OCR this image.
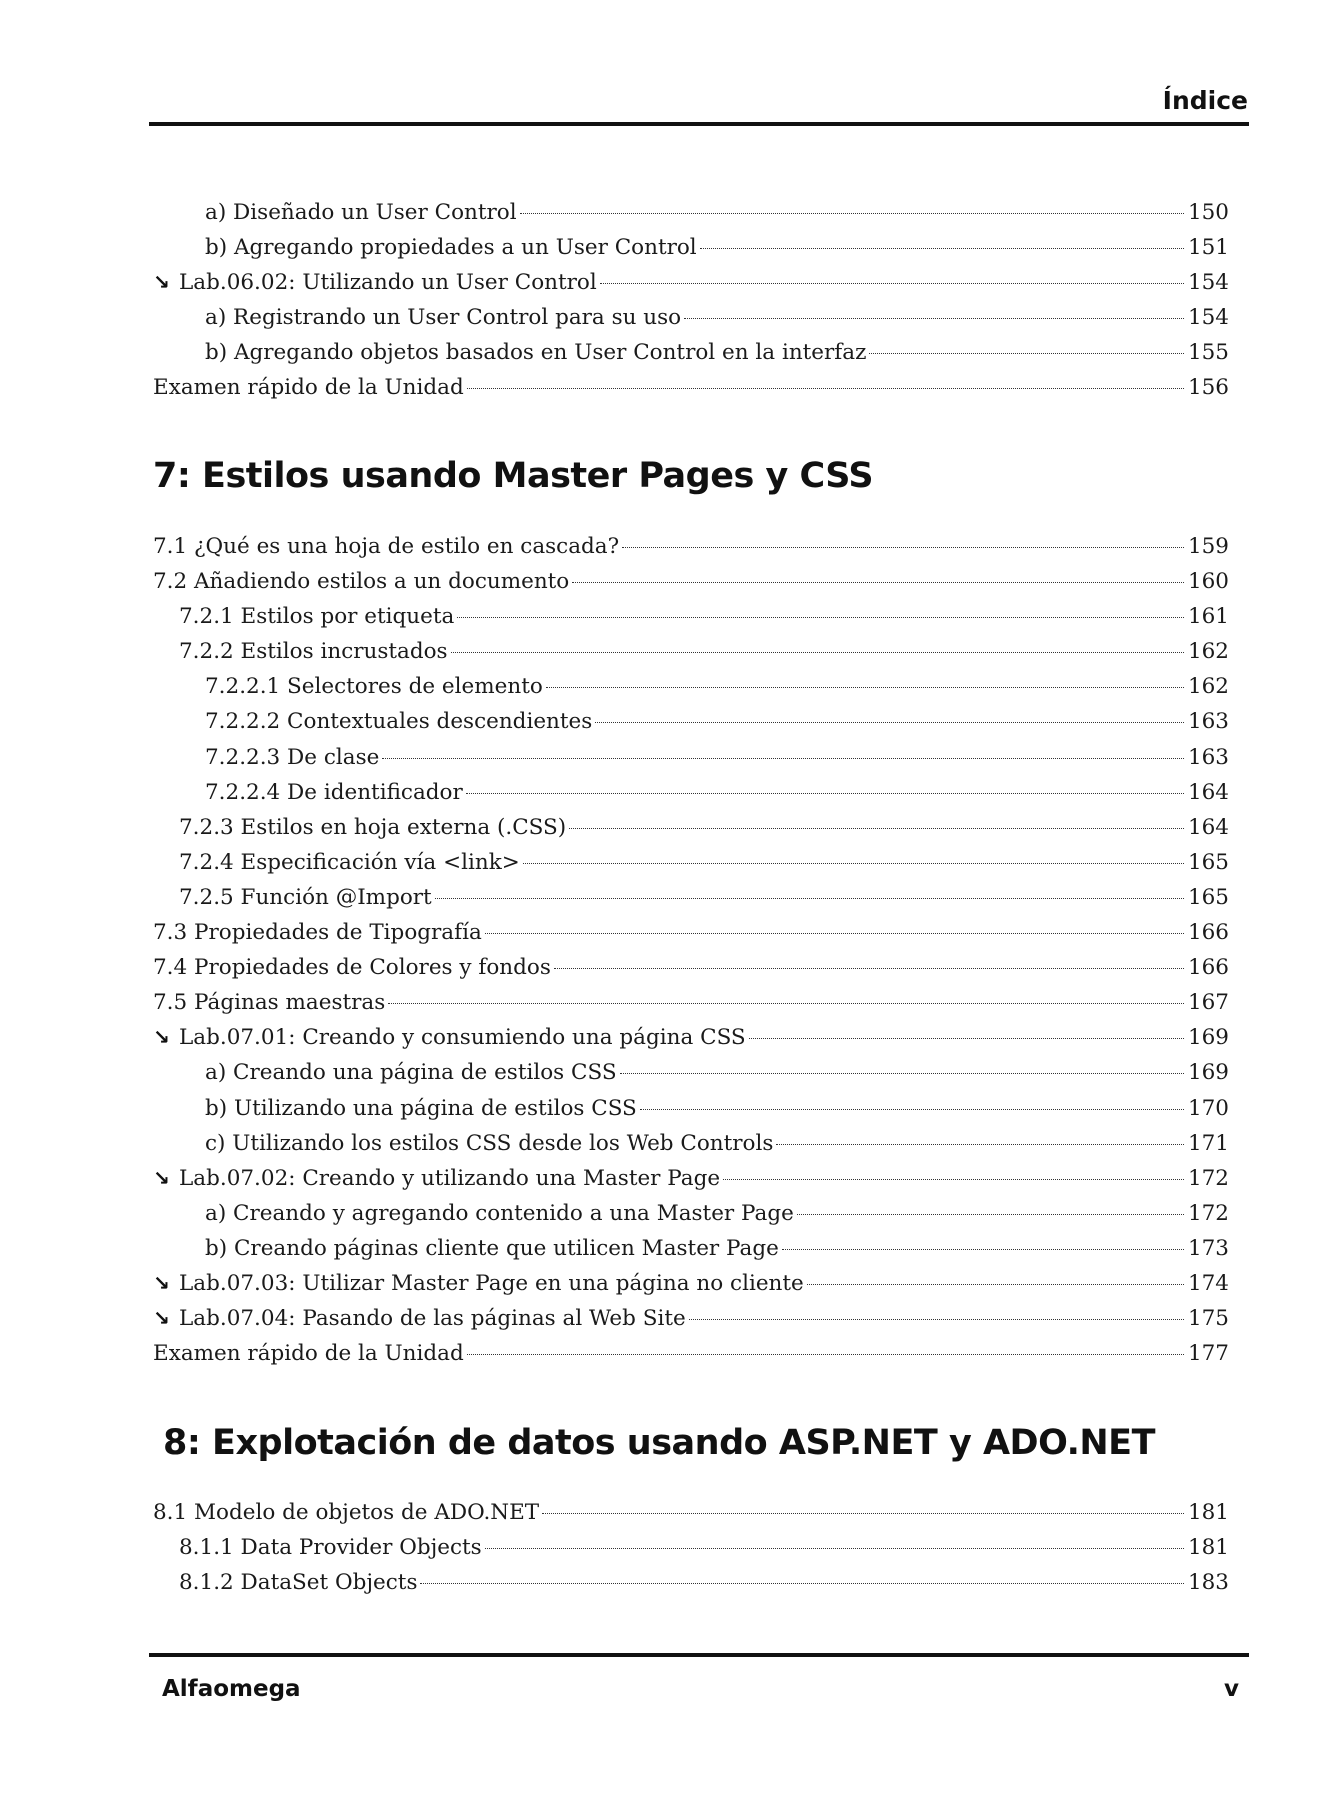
Índice
a) Diseñado un User Control	150
b) Agregando propiedades a un User Control	151
↘ Lab.06.02: Utilizando un User Control	154
a) Registrando un User Control para su uso	154
b) Agregando objetos basados en User Control en la interfaz	155
Examen rápido de la Unidad	156
7: Estilos usando Master Pages y CSS
7.1 ¿Qué es una hoja de estilo en cascada?	159
7.2 Añadiendo estilos a un documento	160
7.2.1 Estilos por etiqueta	161
7.2.2 Estilos incrustados	162
7.2.2.1 Selectores de elemento	162
7.2.2.2 Contextuales descendientes	163
7.2.2.3 De clase	163
7.2.2.4 De identificador	164
7.2.3 Estilos en hoja externa (.CSS)	164
7.2.4 Especificación vía <link>	165
7.2.5 Función @Import	165
7.3 Propiedades de Tipografía	166
7.4 Propiedades de Colores y fondos	166
7.5 Páginas maestras	167
↘ Lab.07.01: Creando y consumiendo una página CSS	169
a) Creando una página de estilos CSS	169
b) Utilizando una página de estilos CSS	170
c) Utilizando los estilos CSS desde los Web Controls	171
↘ Lab.07.02: Creando y utilizando una Master Page	172
a) Creando y agregando contenido a una Master Page	172
b) Creando páginas cliente que utilicen Master Page	173
↘ Lab.07.03: Utilizar Master Page en una página no cliente	174
↘ Lab.07.04: Pasando de las páginas al Web Site	175
Examen rápido de la Unidad	177
8: Explotación de datos usando ASP.NET y ADO.NET
8.1 Modelo de objetos de ADO.NET	181
8.1.1 Data Provider Objects	181
8.1.2 DataSet Objects	183
Alfaomega	v
